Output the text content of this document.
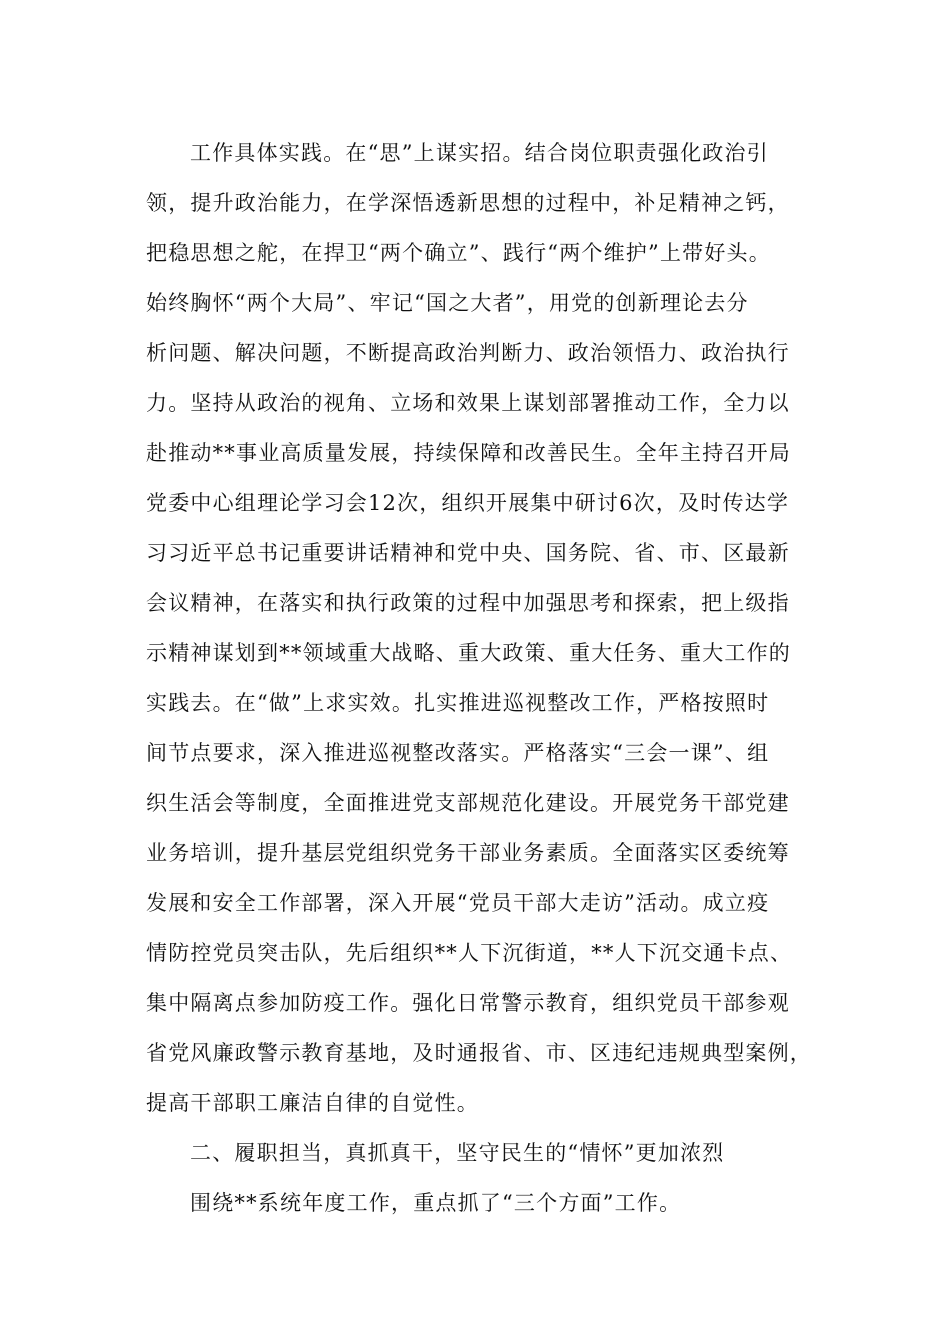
工作具体实践。在“思”上谋实招。结合岗位职责强化政治引
领，提升政治能力，在学深悟透新思想的过程中，补足精神之钙，
把稳思想之舵，在捍卫“两个确立”、践行“两个维护”上带好头。
始终胸怀“两个大局”、牢记“国之大者”，用党的创新理论去分
析问题、解决问题，不断提高政治判断力、政治领悟力、政治执行
力。坚持从政治的视角、立场和效果上谋划部署推动工作，全力以
赴推动**事业高质量发展，持续保障和改善民生。全年主持召开局
党委中心组理论学习会12次，组织开展集中研讨6次，及时传达学
习习近平总书记重要讲话精神和党中央、国务院、省、市、区最新
会议精神，在落实和执行政策的过程中加强思考和探索，把上级指
示精神谋划到**领域重大战略、重大政策、重大任务、重大工作的
实践去。在“做”上求实效。扎实推进巡视整改工作，严格按照时
间节点要求，深入推进巡视整改落实。严格落实“三会一课”、组
织生活会等制度，全面推进党支部规范化建设。开展党务干部党建
业务培训，提升基层党组织党务干部业务素质。全面落实区委统筹
发展和安全工作部署，深入开展“党员干部大走访”活动。成立疫
情防控党员突击队，先后组织**人下沉街道，**人下沉交通卡点、
集中隔离点参加防疫工作。强化日常警示教育，组织党员干部参观
省党风廉政警示教育基地，及时通报省、市、区违纪违规典型案例，
提高干部职工廉洁自律的自觉性。
二、履职担当，真抓真干，坚守民生的“情怀”更加浓烈
围绕**系统年度工作，重点抓了“三个方面”工作。
